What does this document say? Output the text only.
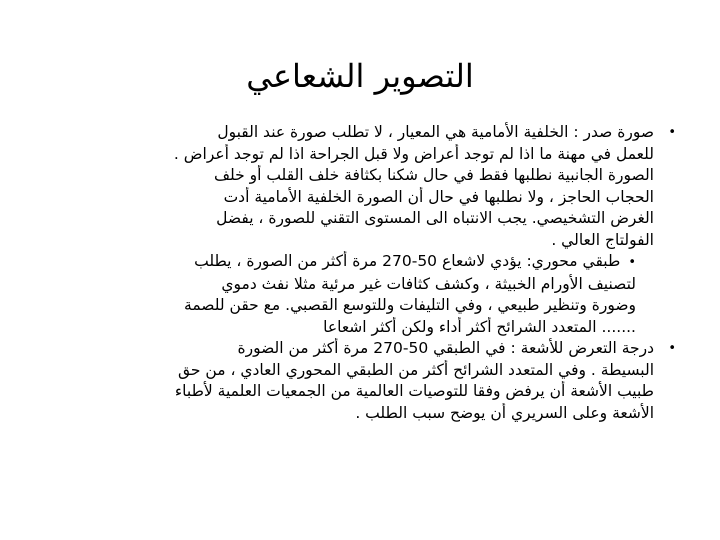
التصوير الشعاعي
•
صورة صدر : الخلفية الأمامية هي المعيار ، لا تطلب صورة عند القبول
للعمل في مهنة ما اذا لم توجد أعراض ولا قبل الجراحة اذا لم توجد أعراض .
الصورة الجانبية نطلبها فقط في حال شكنا بكثافة خلف القلب أو خلف
الحجاب الحاجز ، ولا نطلبها في حال أن الصورة الخلفية الأمامية أدت
الغرض التشخيصي. يجب الانتباه الى المستوى التقني للصورة ، يفضل
الفولتاج العالي .
•طبقي محوري: يؤدي لاشعاع 50-270 مرة أكثر من الصورة ، يطلب
لتصنيف الأورام الخبيثة ، وكشف كثافات غير مرئية مثلا نفث دموي
وضورة وتنظير طبيعي ، وفي التليفات وللتوسع القصبي. مع حقن للصمة
....... المتعدد الشرائح أكثر أداء ولكن أكثر اشعاعا
•
درجة التعرض للأشعة : في الطبقي 50-270 مرة أكثر من الضورة
البسيطة . وفي المتعدد الشرائح أكثر من الطبقي المحوري العادي ، من حق
طبيب الأشعة أن يرفض وفقا للتوصيات العالمية من الجمعيات العلمية لأطباء
الأشعة وعلى السريري أن يوضح سبب الطلب .
